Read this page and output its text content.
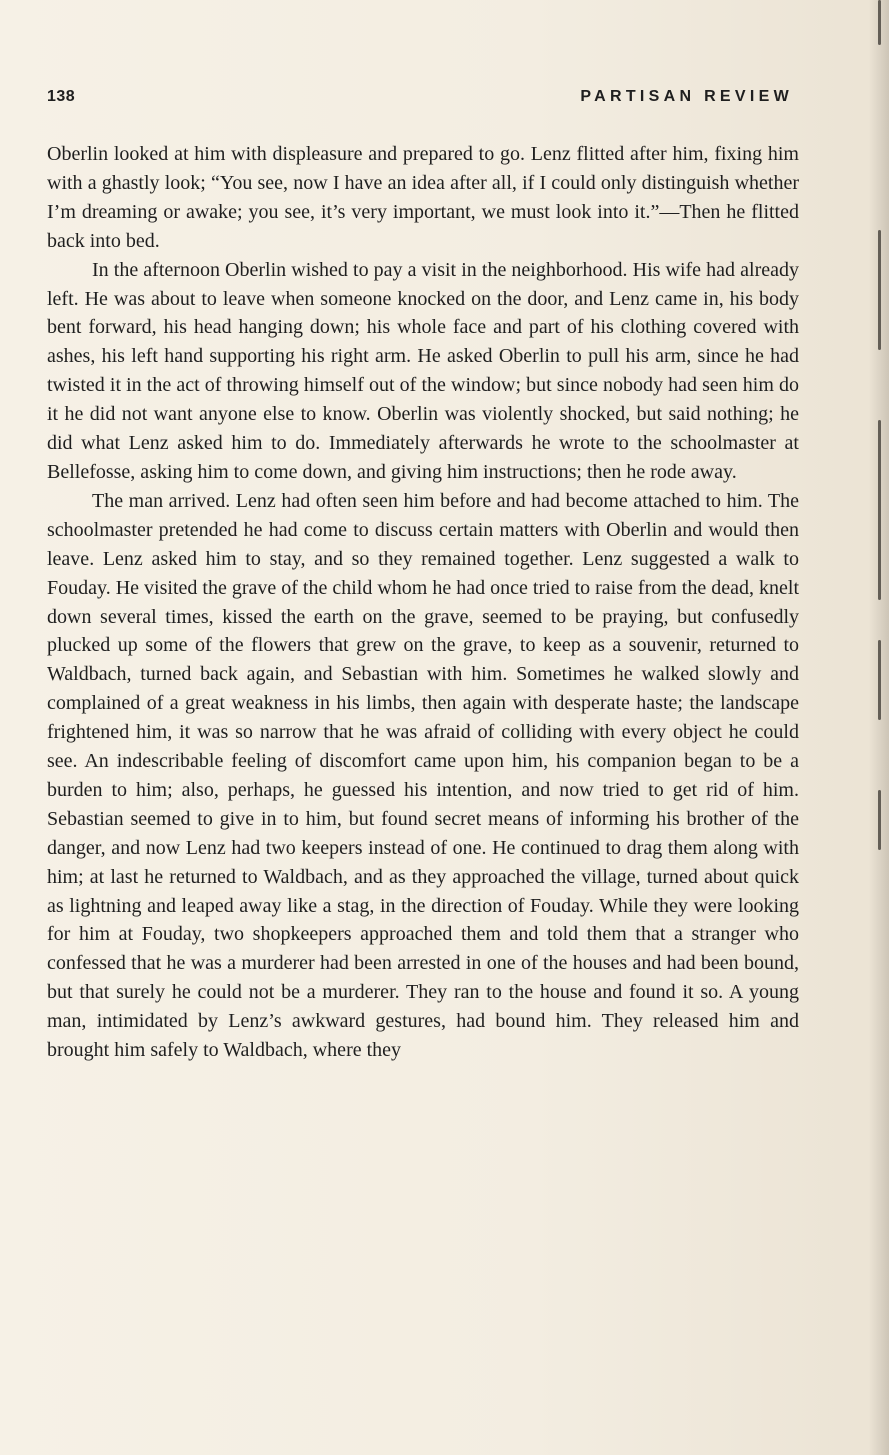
138	PARTISAN REVIEW

Oberlin looked at him with displeasure and prepared to go. Lenz flitted after him, fixing him with a ghastly look; “You see, now I have an idea after all, if I could only distinguish whether I’m dreaming or awake; you see, it’s very important, we must look into it.”—Then he flitted back into bed.

In the afternoon Oberlin wished to pay a visit in the neighborhood. His wife had already left. He was about to leave when someone knocked on the door, and Lenz came in, his body bent forward, his head hanging down; his whole face and part of his clothing covered with ashes, his left hand supporting his right arm. He asked Oberlin to pull his arm, since he had twisted it in the act of throwing himself out of the window; but since nobody had seen him do it he did not want anyone else to know. Oberlin was violently shocked, but said nothing; he did what Lenz asked him to do. Immediately afterwards he wrote to the schoolmaster at Bellefosse, asking him to come down, and giving him instructions; then he rode away.

The man arrived. Lenz had often seen him before and had become attached to him. The schoolmaster pretended he had come to discuss certain matters with Oberlin and would then leave. Lenz asked him to stay, and so they remained together. Lenz suggested a walk to Fouday. He visited the grave of the child whom he had once tried to raise from the dead, knelt down several times, kissed the earth on the grave, seemed to be praying, but confusedly plucked up some of the flowers that grew on the grave, to keep as a souvenir, returned to Waldbach, turned back again, and Sebastian with him. Sometimes he walked slowly and complained of a great weakness in his limbs, then again with desperate haste; the landscape frightened him, it was so narrow that he was afraid of colliding with every object he could see. An indescribable feeling of discomfort came upon him, his companion began to be a burden to him; also, perhaps, he guessed his intention, and now tried to get rid of him. Sebastian seemed to give in to him, but found secret means of informing his brother of the danger, and now Lenz had two keepers instead of one. He continued to drag them along with him; at last he returned to Waldbach, and as they approached the village, turned about quick as lightning and leaped away like a stag, in the direction of Fouday. While they were looking for him at Fouday, two shopkeepers approached them and told them that a stranger who confessed that he was a murderer had been arrested in one of the houses and had been bound, but that surely he could not be a murderer. They ran to the house and found it so. A young man, intimidated by Lenz’s awkward gestures, had bound him. They released him and brought him safely to Waldbach, where they
